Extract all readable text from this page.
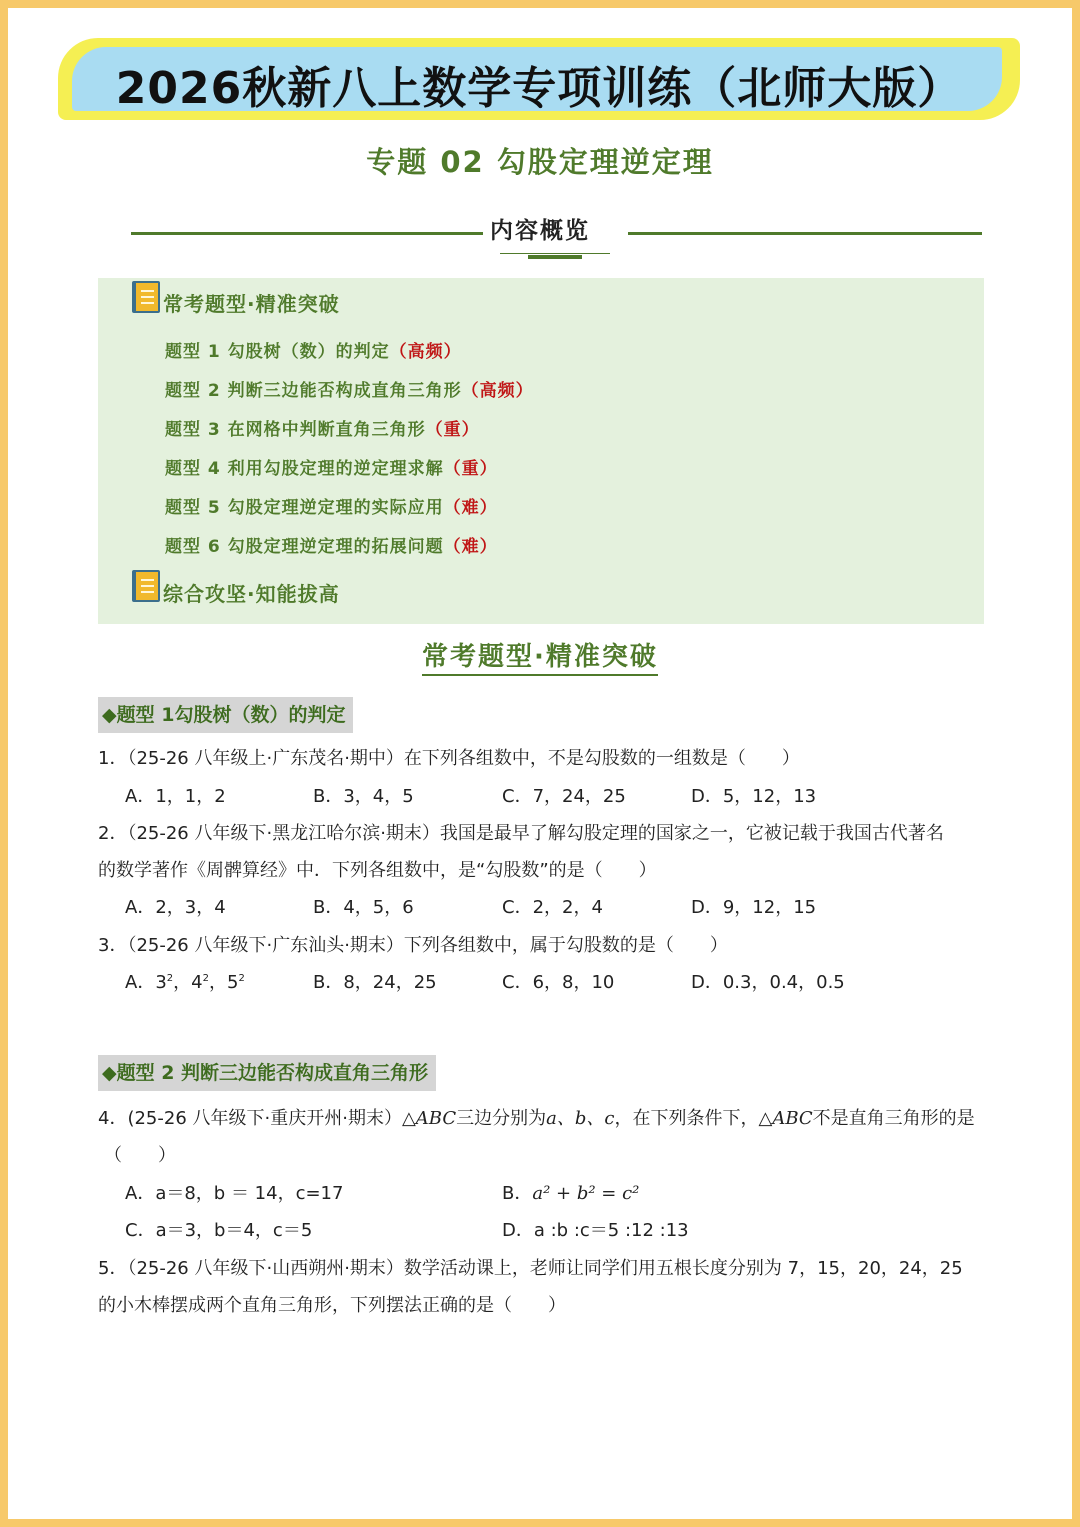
2026秋新八上数学专项训练（北师大版）
专题 02 勾股定理逆定理
内容概览
常考题型·精准突破
题型 1 勾股树（数）的判定（高频）
题型 2 判断三边能否构成直角三角形（高频）
题型 3 在网格中判断直角三角形（重）
题型 4 利用勾股定理的逆定理求解（重）
题型 5 勾股定理逆定理的实际应用（难）
题型 6 勾股定理逆定理的拓展问题（难）
综合攻坚·知能拔高
常考题型·精准突破
◆题型 1勾股树（数）的判定
1．（25-26 八年级上·广东茂名·期中）在下列各组数中，不是勾股数的一组数是（　　）
A．1，1，2	B．3，4，5	C．7，24，25	D．5，12，13
2．（25-26 八年级下·黑龙江哈尔滨·期末）我国是最早了解勾股定理的国家之一，它被记载于我国古代著名
的数学著作《周髀算经》中．下列各组数中，是“勾股数”的是（　　）
A．2，3，4	B．4，5，6	C．2，2，4	D．9，12，15
3．（25-26 八年级下·广东汕头·期末）下列各组数中，属于勾股数的是（　　）
A．$3^2$，$4^2$，$5^2$	B．8，24，25	C．6，8，10	D．0.3，0.4，0.5
◆题型 2 判断三边能否构成直角三角形
4．(25-26 八年级下·重庆开州·期末）△ABC三边分别为a、b、c，在下列条件下，△ABC不是直角三角形的是
（　　）
A．a＝8，b ＝ 14，c=17	B．a² + b² = c²
C．a＝3，b＝4，c＝5	D．a :b :c＝5 :12 :13
5．（25-26 八年级下·山西朔州·期末）数学活动课上，老师让同学们用五根长度分别为 7，15，20，24，25
的小木棒摆成两个直角三角形，下列摆法正确的是（　　）
